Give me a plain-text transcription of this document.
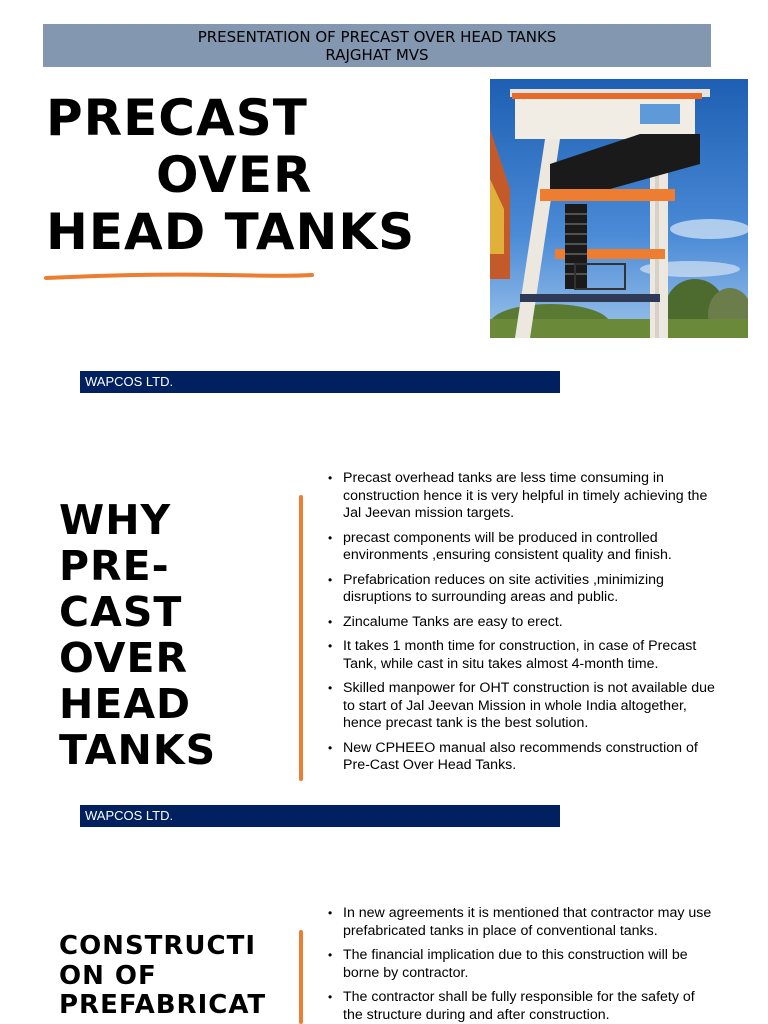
PRESENTATION OF PRECAST OVER HEAD TANKS
RAJGHAT MVS
PRECAST
OVER
HEAD TANKS
WAPCOS LTD.
WHY
PRE-
CAST
OVER
HEAD
TANKS
• Precast overhead tanks are less time consuming in construction hence it is very helpful in timely achieving the Jal Jeevan mission targets.
• precast components will be produced in controlled environments ,ensuring consistent quality and finish.
• Prefabrication reduces on site activities ,minimizing disruptions to surrounding areas and public.
• Zincalume Tanks are easy to erect.
• It takes 1 month time for construction, in case of Precast Tank, while cast in situ takes almost 4-month time.
• Skilled manpower for OHT construction is not available due to start of Jal Jeevan Mission in whole India altogether, hence precast tank is the best solution.
• New CPHEEO manual also recommends construction of Pre-Cast Over Head Tanks.
WAPCOS LTD.
CONSTRUCTI
ON OF
PREFABRICAT
• In new agreements it is mentioned that contractor may use prefabricated tanks in place of conventional tanks.
• The financial implication due to this construction will be borne by contractor.
• The contractor shall be fully responsible for the safety of the structure during and after construction.
